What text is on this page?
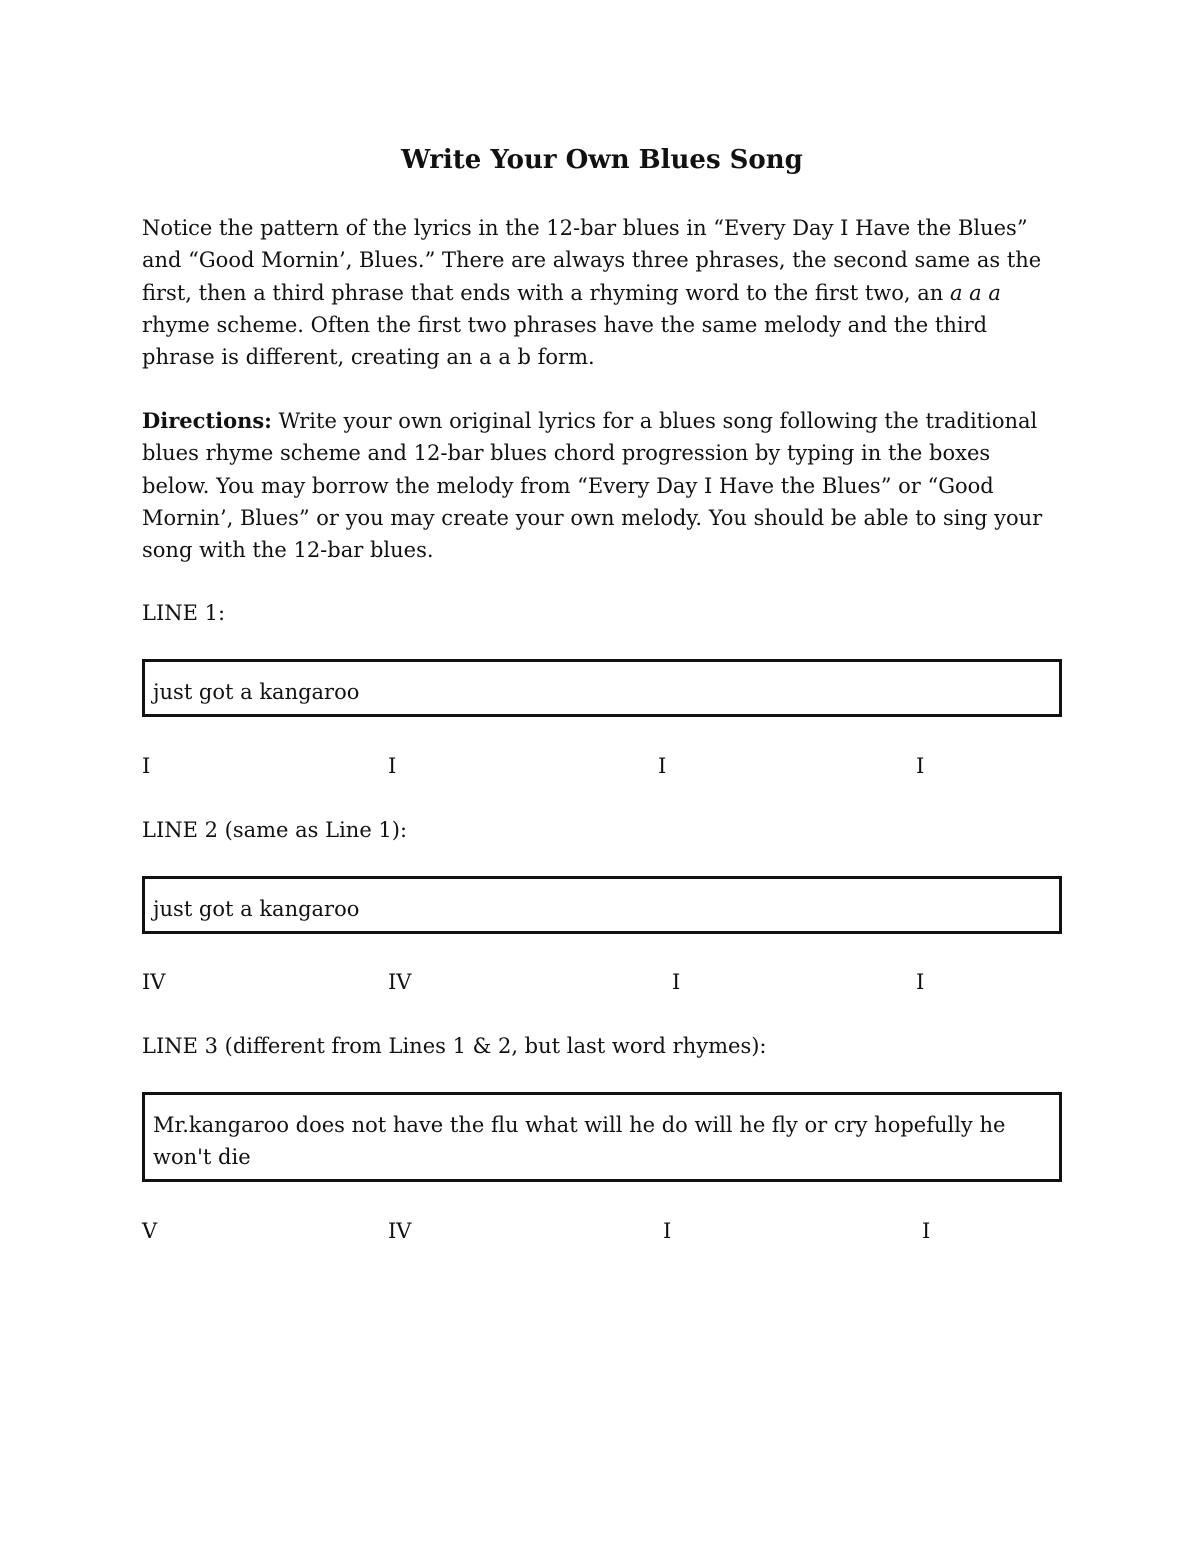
Write Your Own Blues Song

Notice the pattern of the lyrics in the 12-bar blues in “Every Day I Have the Blues” and “Good Mornin’, Blues.” There are always three phrases, the second same as the first, then a third phrase that ends with a rhyming word to the first two, an a a a rhyme scheme. Often the first two phrases have the same melody and the third phrase is different, creating an a a b form.

Directions: Write your own original lyrics for a blues song following the traditional blues rhyme scheme and 12-bar blues chord progression by typing in the boxes below. You may borrow the melody from “Every Day I Have the Blues” or “Good Mornin’, Blues” or you may create your own melody. You should be able to sing your song with the 12-bar blues.

LINE 1:
just got a kangaroo
I	I	I	I
LINE 2 (same as Line 1):
just got a kangaroo
IV	IV	I	I
LINE 3 (different from Lines 1 & 2, but last word rhymes):
Mr.kangaroo does not have the flu what will he do will he fly or cry hopefully he won't die
V	IV	I	I
